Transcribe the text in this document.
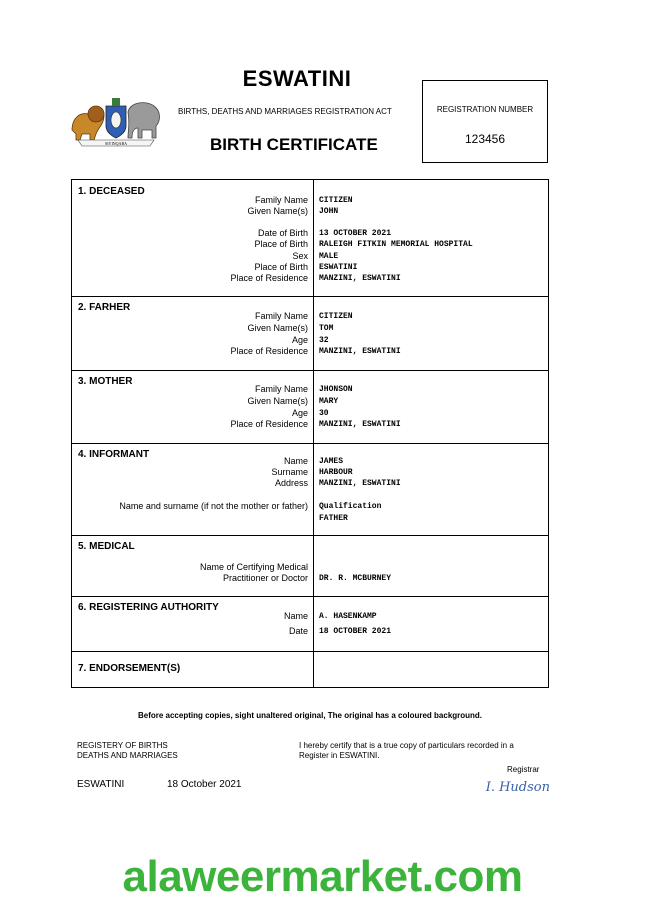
SIYINQABA
ESWATINI
BIRTHS, DEATHS AND MARRIAGES REGISTRATION ACT
BIRTH CERTIFICATE
REGISTRATION NUMBER
123456
1. DECEASED
Family Name CITIZEN
Given Name(s) JOHN
Date of Birth 13 OCTOBER 2021
Place of Birth RALEIGH FITKIN MEMORIAL HOSPITAL
Sex MALE
Place of Birth ESWATINI
Place of Residence MANZINI, ESWATINI
2. FARHER
Family Name CITIZEN
Given Name(s) TOM
Age 32
Place of Residence MANZINI, ESWATINI
3. MOTHER
Family Name JHONSON
Given Name(s) MARY
Age 30
Place of Residence MANZINI, ESWATINI
4. INFORMANT
Name JAMES
Surname HARBOUR
Address MANZINI, ESWATINI
Name and surname (if not the mother or father) Qualification
FATHER
5. MEDICAL
Name of Certifying Medical
Practitioner or Doctor DR. R. MCBURNEY
6. REGISTERING AUTHORITY
Name A. HASENKAMP
Date 18 OCTOBER 2021
7. ENDORSEMENT(S)
Before accepting copies, sight unaltered original, The original has a coloured background.
REGISTERY OF BIRTHS
DEATHS AND MARRIAGES
I hereby certify that is a true copy of particulars recorded in a
Register in ESWATINI.
Registrar
ESWATINI	18 October 2021	I. Hudson
alaweermarket.com
